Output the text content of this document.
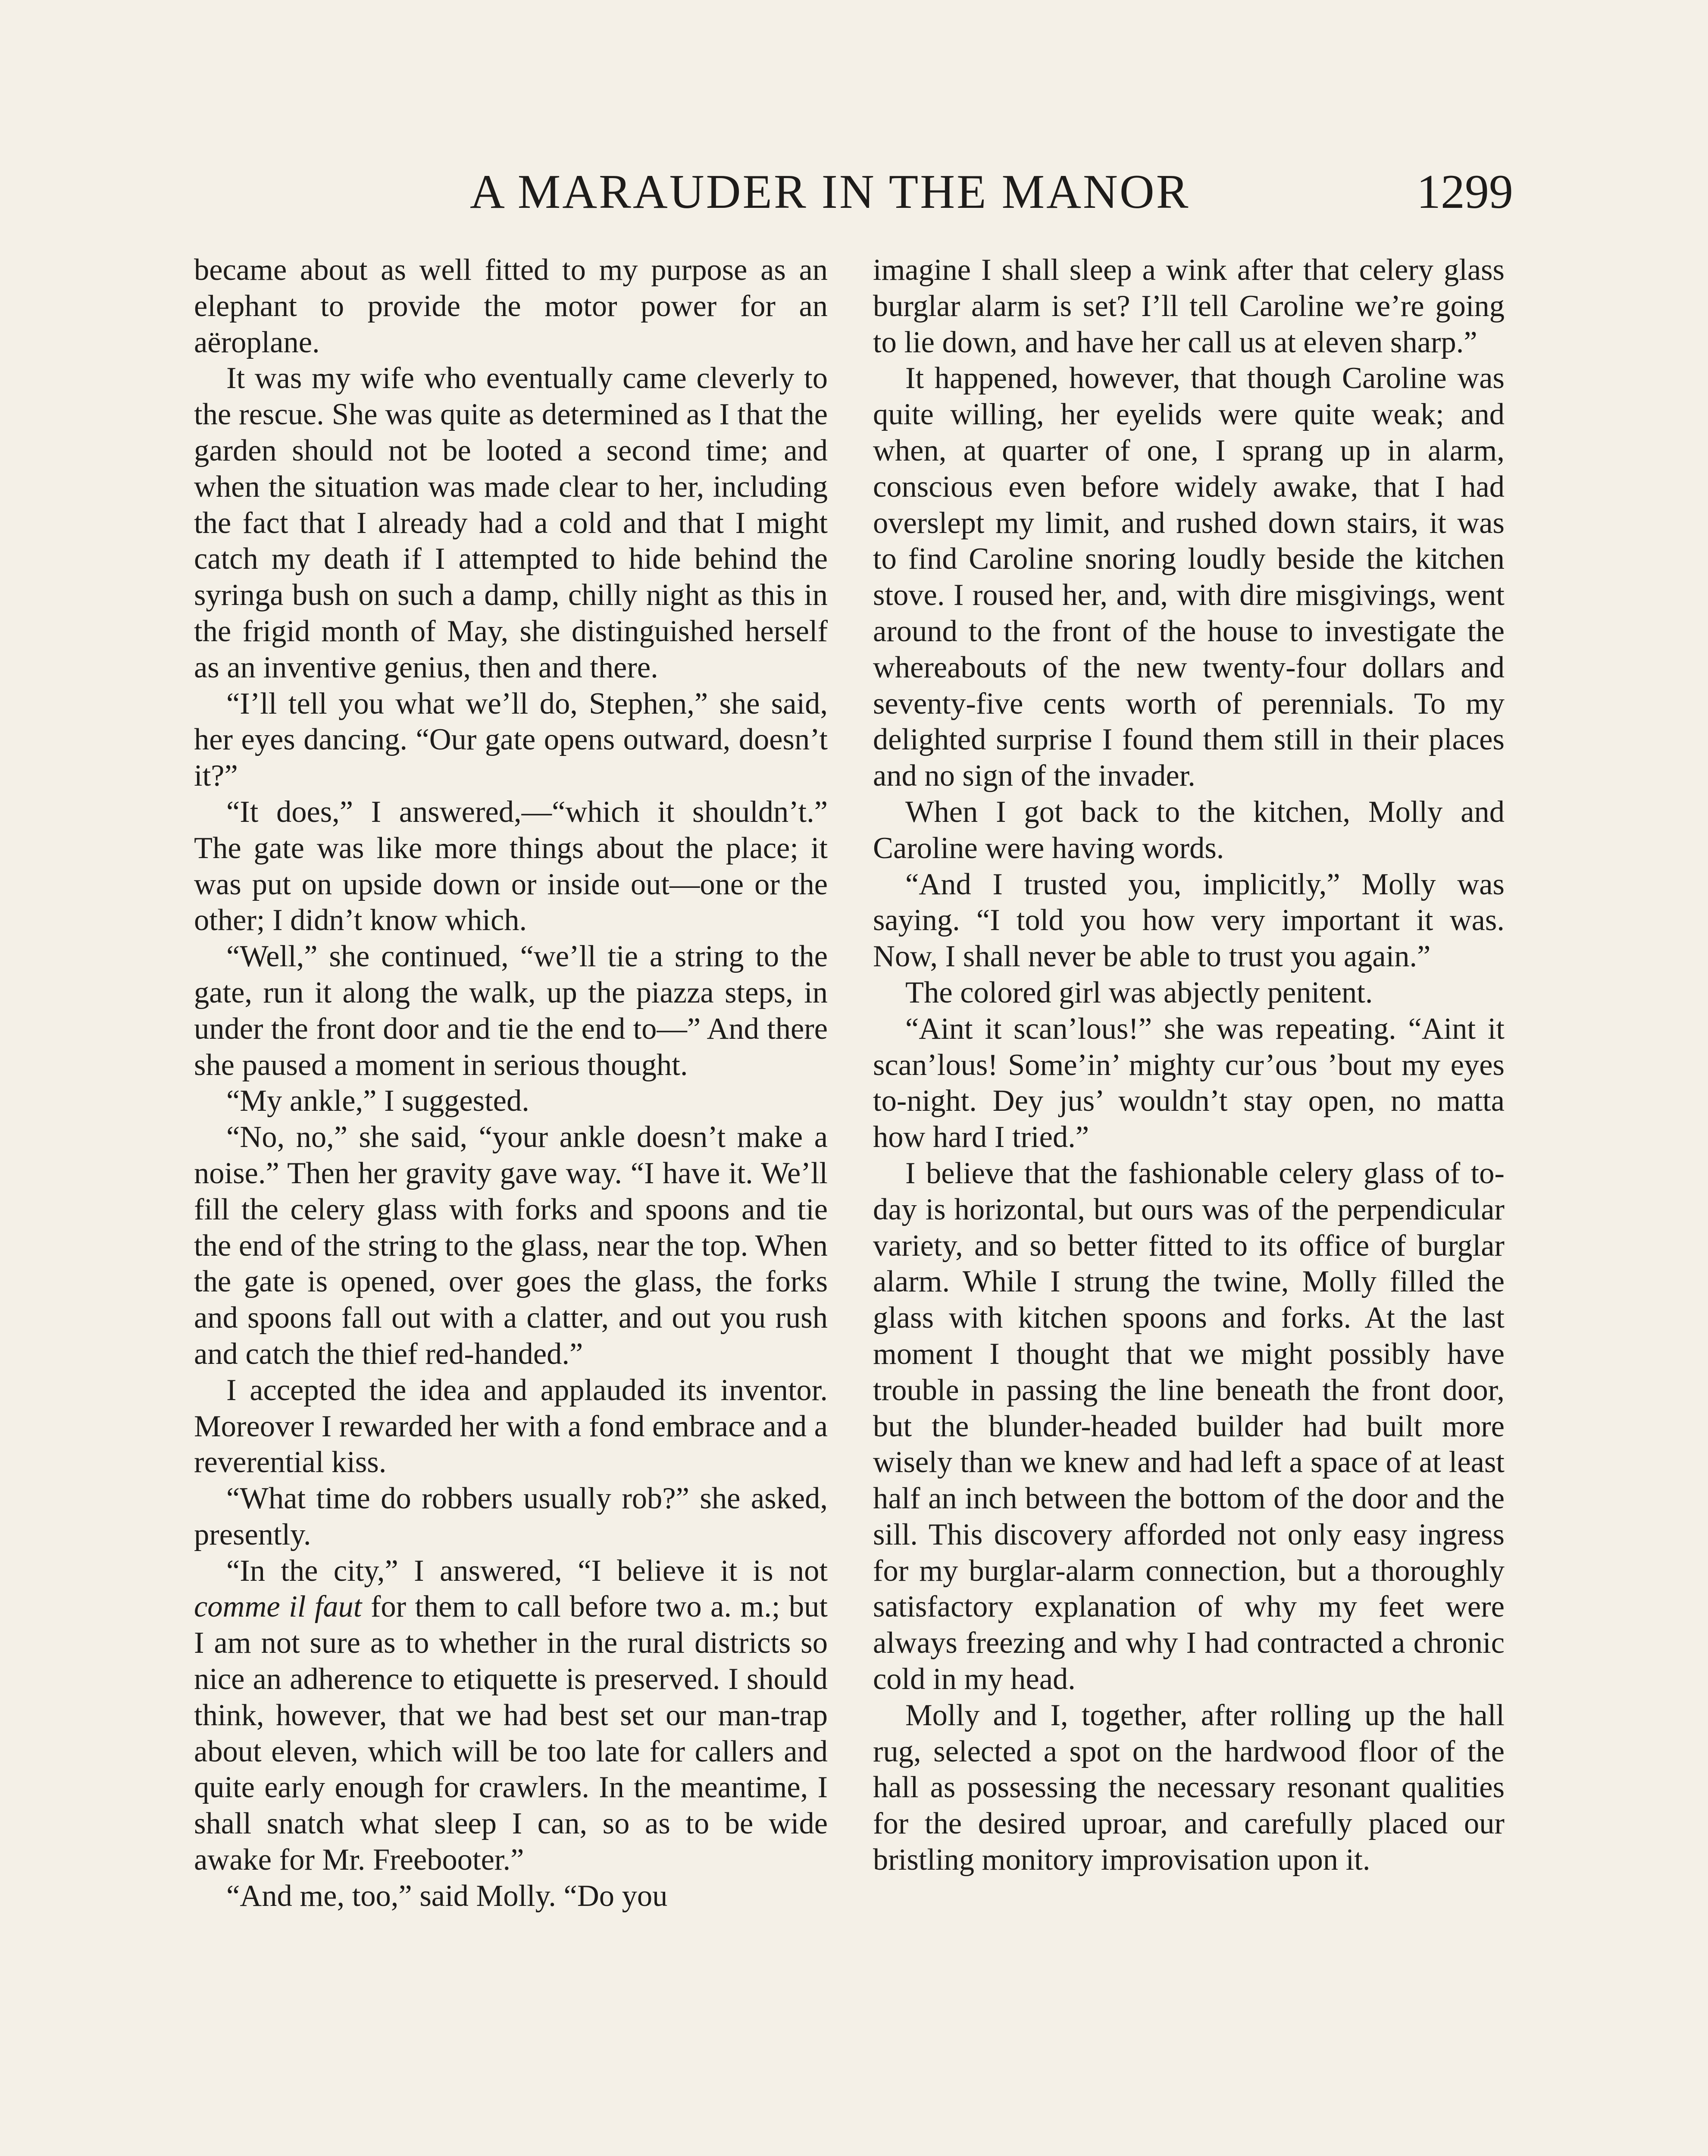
A MARAUDER IN THE MANOR	1299

became about as well fitted to my purpose as an elephant to provide the motor power for an aëroplane.

It was my wife who eventually came cleverly to the rescue. She was quite as determined as I that the garden should not be looted a second time; and when the situation was made clear to her, including the fact that I already had a cold and that I might catch my death if I attempted to hide behind the syringa bush on such a damp, chilly night as this in the frigid month of May, she distinguished herself as an inventive genius, then and there.

“I’ll tell you what we’ll do, Stephen,” she said, her eyes dancing. “Our gate opens outward, doesn’t it?”

“It does,” I answered,—“which it shouldn’t.” The gate was like more things about the place; it was put on upside down or inside out—one or the other; I didn’t know which.

“Well,” she continued, “we’ll tie a string to the gate, run it along the walk, up the piazza steps, in under the front door and tie the end to—” And there she paused a moment in serious thought.

“My ankle,” I suggested.

“No, no,” she said, “your ankle doesn’t make a noise.” Then her gravity gave way. “I have it. We’ll fill the celery glass with forks and spoons and tie the end of the string to the glass, near the top. When the gate is opened, over goes the glass, the forks and spoons fall out with a clatter, and out you rush and catch the thief red-handed.”

I accepted the idea and applauded its inventor. Moreover I rewarded her with a fond embrace and a reverential kiss.

“What time do robbers usually rob?” she asked, presently.

“In the city,” I answered, “I believe it is not comme il faut for them to call before two a. m.; but I am not sure as to whether in the rural districts so nice an adherence to etiquette is preserved. I should think, however, that we had best set our man-trap about eleven, which will be too late for callers and quite early enough for crawlers. In the meantime, I shall snatch what sleep I can, so as to be wide awake for Mr. Freebooter.”

“And me, too,” said Molly. “Do you

imagine I shall sleep a wink after that celery glass burglar alarm is set? I’ll tell Caroline we’re going to lie down, and have her call us at eleven sharp.”

It happened, however, that though Caroline was quite willing, her eyelids were quite weak; and when, at quarter of one, I sprang up in alarm, conscious even before widely awake, that I had overslept my limit, and rushed down stairs, it was to find Caroline snoring loudly beside the kitchen stove. I roused her, and, with dire misgivings, went around to the front of the house to investigate the whereabouts of the new twenty-four dollars and seventy-five cents worth of perennials. To my delighted surprise I found them still in their places and no sign of the invader.

When I got back to the kitchen, Molly and Caroline were having words.

“And I trusted you, implicitly,” Molly was saying. “I told you how very important it was. Now, I shall never be able to trust you again.”

The colored girl was abjectly penitent.

“Aint it scan’lous!” she was repeating. “Aint it scan’lous! Some’in’ mighty cur’ous ’bout my eyes to-night. Dey jus’ wouldn’t stay open, no matta how hard I tried.”

I believe that the fashionable celery glass of to-day is horizontal, but ours was of the perpendicular variety, and so better fitted to its office of burglar alarm. While I strung the twine, Molly filled the glass with kitchen spoons and forks. At the last moment I thought that we might possibly have trouble in passing the line beneath the front door, but the blunder-headed builder had built more wisely than we knew and had left a space of at least half an inch between the bottom of the door and the sill. This discovery afforded not only easy ingress for my burglar-alarm connection, but a thoroughly satisfactory explanation of why my feet were always freezing and why I had contracted a chronic cold in my head.

Molly and I, together, after rolling up the hall rug, selected a spot on the hardwood floor of the hall as possessing the necessary resonant qualities for the desired uproar, and carefully placed our bristling monitory improvisation upon it.
